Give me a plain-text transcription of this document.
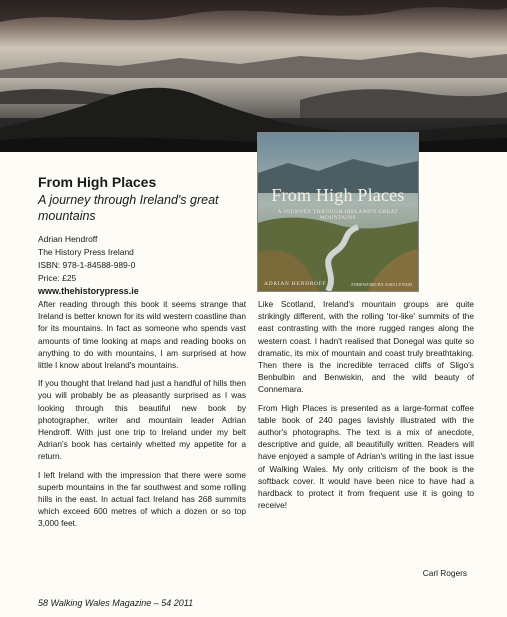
From High Places
A JOURNEY THROUGH IRELAND'S GREAT MOUNTAINS
ADRIAN HENDROFF	FOREWORD BY JOSS LYNAM
From High Places
A journey through Ireland's great mountains
Adrian Hendroff
The History Press Ireland
ISBN: 978-1-84588-989-0
Price: £25
www.thehistorypress.ie

After reading through this book it seems strange that Ireland is better known for its wild western coastline than for its mountains. In fact as someone who spends vast amounts of time looking at maps and reading books on anything to do with mountains, I am surprised at how little I know about Ireland's mountains.

If you thought that Ireland had just a handful of hills then you will probably be as pleasantly surprised as I was looking through this beautiful new book by photographer, writer and mountain leader Adrian Hendroff. With just one trip to Ireland under my belt Adrian's book has certainly whetted my appetite for a return.

I left Ireland with the impression that there were some superb mountains in the far southwest and some rolling hills in the east. In actual fact Ireland has 268 summits which exceed 600 metres of which a dozen or so top 3,000 feet.

Like Scotland, Ireland's mountain groups are quite strikingly different, with the rolling 'tor-like' summits of the east contrasting with the more rugged ranges along the western coast. I hadn't realised that Donegal was quite so dramatic, its mix of mountain and coast truly breathtaking. Then there is the incredible terraced cliffs of Sligo's Benbulbin and Benwiskin, and the wild beauty of Connemara.

From High Places is presented as a large-format coffee table book of 240 pages lavishly illustrated with the author's photographs. The text is a mix of anecdote, descriptive and guide, all beautifully written. Readers will have enjoyed a sample of Adrian's writing in the last issue of Walking Wales. My only criticism of the book is the softback cover. It would have been nice to have had a hardback to protect it from frequent use it is going to receive!

Carl Rogers
58 Walking Wales Magazine – 54 2011
